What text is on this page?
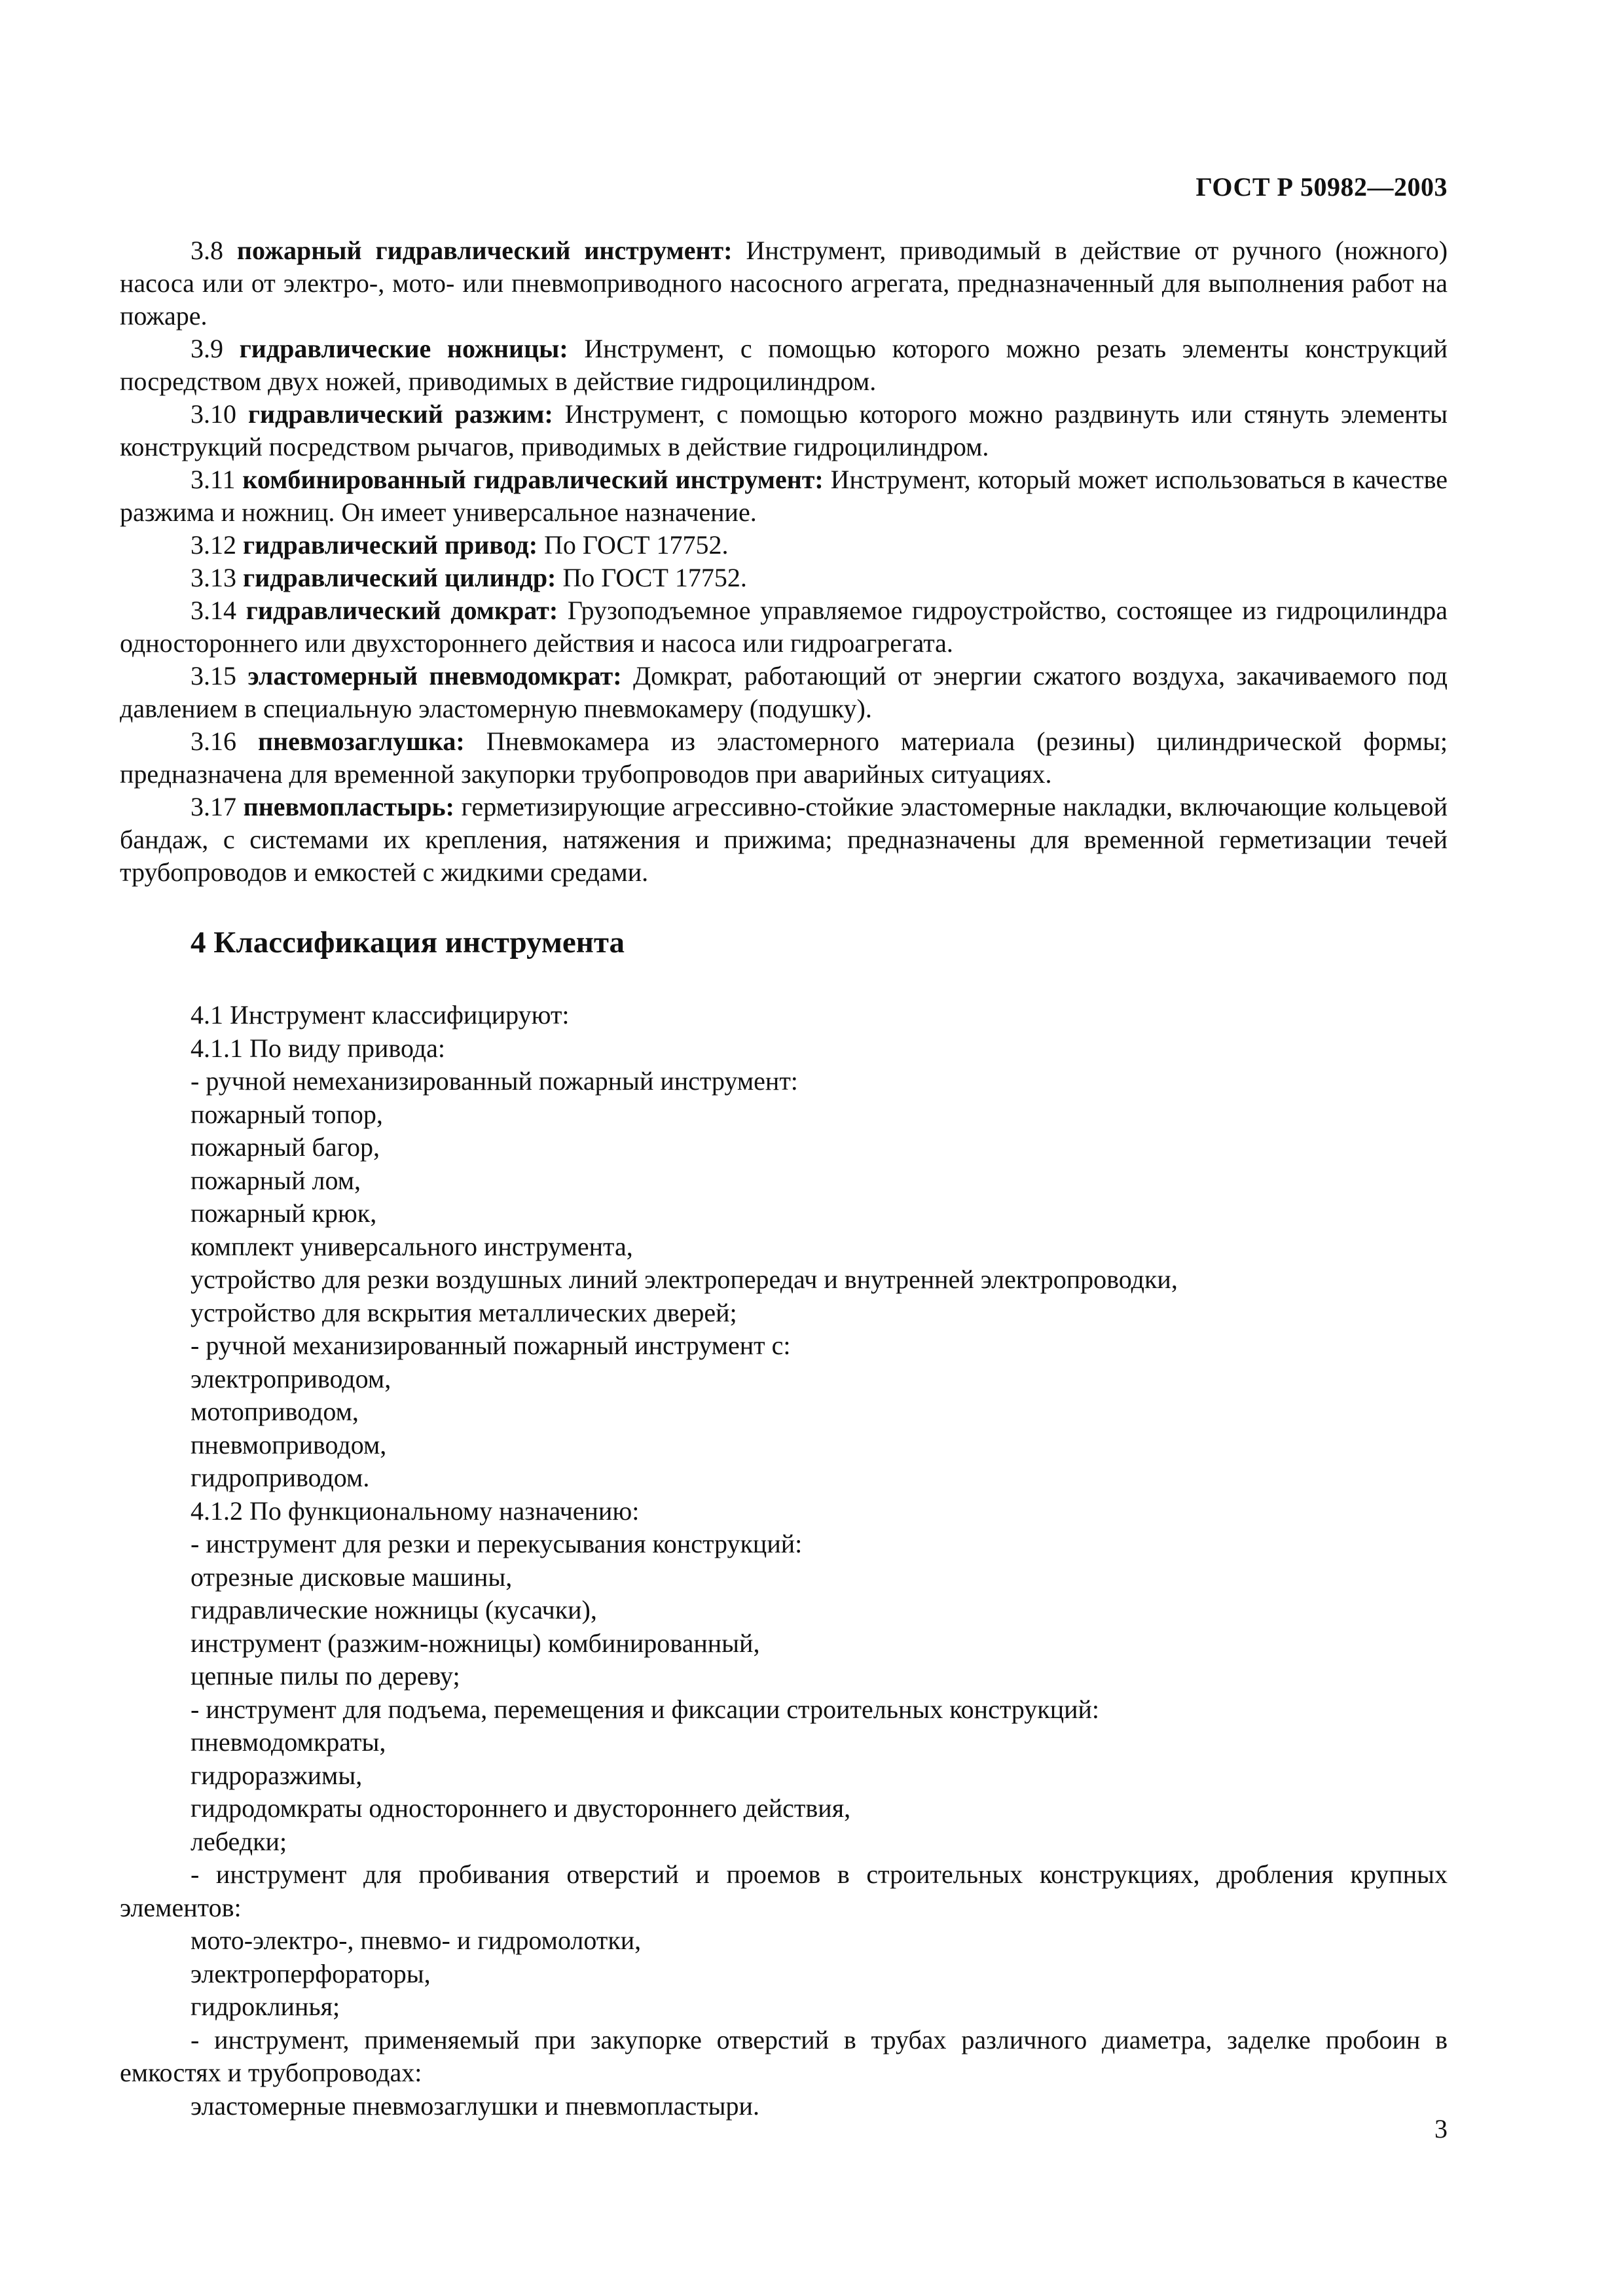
ГОСТ Р 50982—2003

3.8 пожарный гидравлический инструмент: Инструмент, приводимый в действие от ручного (ножного) насоса или от электро-, мото- или пневмоприводного насосного агрегата, предназначенный для выполнения работ на пожаре.

3.9 гидравлические ножницы: Инструмент, с помощью которого можно резать элементы конструкций посредством двух ножей, приводимых в действие гидроцилиндром.

3.10 гидравлический разжим: Инструмент, с помощью которого можно раздвинуть или стянуть элементы конструкций посредством рычагов, приводимых в действие гидроцилиндром.

3.11 комбинированный гидравлический инструмент: Инструмент, который может использоваться в качестве разжима и ножниц. Он имеет универсальное назначение.

3.12 гидравлический привод: По ГОСТ 17752.

3.13 гидравлический цилиндр: По ГОСТ 17752.

3.14 гидравлический домкрат: Грузоподъемное управляемое гидроустройство, состоящее из гидроцилиндра одностороннего или двухстороннего действия и насоса или гидроагрегата.

3.15 эластомерный пневмодомкрат: Домкрат, работающий от энергии сжатого воздуха, закачиваемого под давлением в специальную эластомерную пневмокамеру (подушку).

3.16 пневмозаглушка: Пневмокамера из эластомерного материала (резины) цилиндрической формы; предназначена для временной закупорки трубопроводов при аварийных ситуациях.

3.17 пневмопластырь: герметизирующие агрессивно-стойкие эластомерные накладки, включающие кольцевой бандаж, с системами их крепления, натяжения и прижима; предназначены для временной герметизации течей трубопроводов и емкостей с жидкими средами.

4 Классификация инструмента

4.1 Инструмент классифицируют:

4.1.1 По виду привода:

- ручной немеханизированный пожарный инструмент:

пожарный топор,

пожарный багор,

пожарный лом,

пожарный крюк,

комплект универсального инструмента,

устройство для резки воздушных линий электропередач и внутренней электропроводки,

устройство для вскрытия металлических дверей;

- ручной механизированный пожарный инструмент с:

электроприводом,

мотоприводом,

пневмоприводом,

гидроприводом.

4.1.2 По функциональному назначению:

- инструмент для резки и перекусывания конструкций:

отрезные дисковые машины,

гидравлические ножницы (кусачки),

инструмент (разжим-ножницы) комбинированный,

цепные пилы по дереву;

- инструмент для подъема, перемещения и фиксации строительных конструкций:

пневмодомкраты,

гидроразжимы,

гидродомкраты одностороннего и двустороннего действия,

лебедки;

- инструмент для пробивания отверстий и проемов в строительных конструкциях, дробления крупных элементов:

мото-электро-, пневмо- и гидромолотки,

электроперфораторы,

гидроклинья;

- инструмент, применяемый при закупорке отверстий в трубах различного диаметра, заделке пробоин в емкостях и трубопроводах:

эластомерные пневмозаглушки и пневмопластыри.

3
